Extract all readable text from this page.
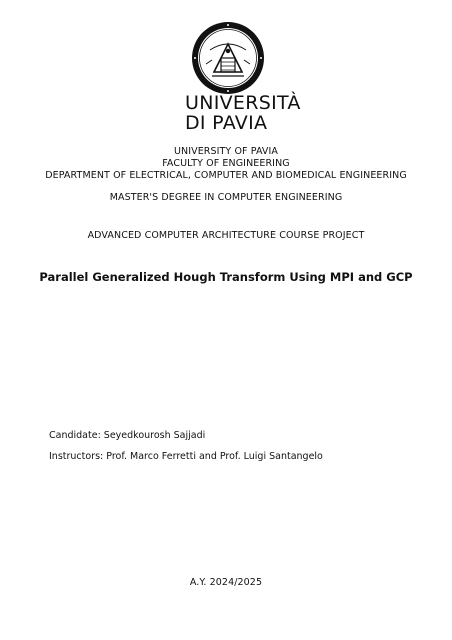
UNIVERSITÀ
DI PAVIA
UNIVERSITY OF PAVIA
FACULTY OF ENGINEERING
DEPARTMENT OF ELECTRICAL, COMPUTER AND BIOMEDICAL ENGINEERING
MASTER'S DEGREE IN COMPUTER ENGINEERING
ADVANCED COMPUTER ARCHITECTURE COURSE PROJECT
Parallel Generalized Hough Transform Using MPI and GCP
Candidate: Seyedkourosh Sajjadi
Instructors: Prof. Marco Ferretti and Prof. Luigi Santangelo
A.Y. 2024/2025
